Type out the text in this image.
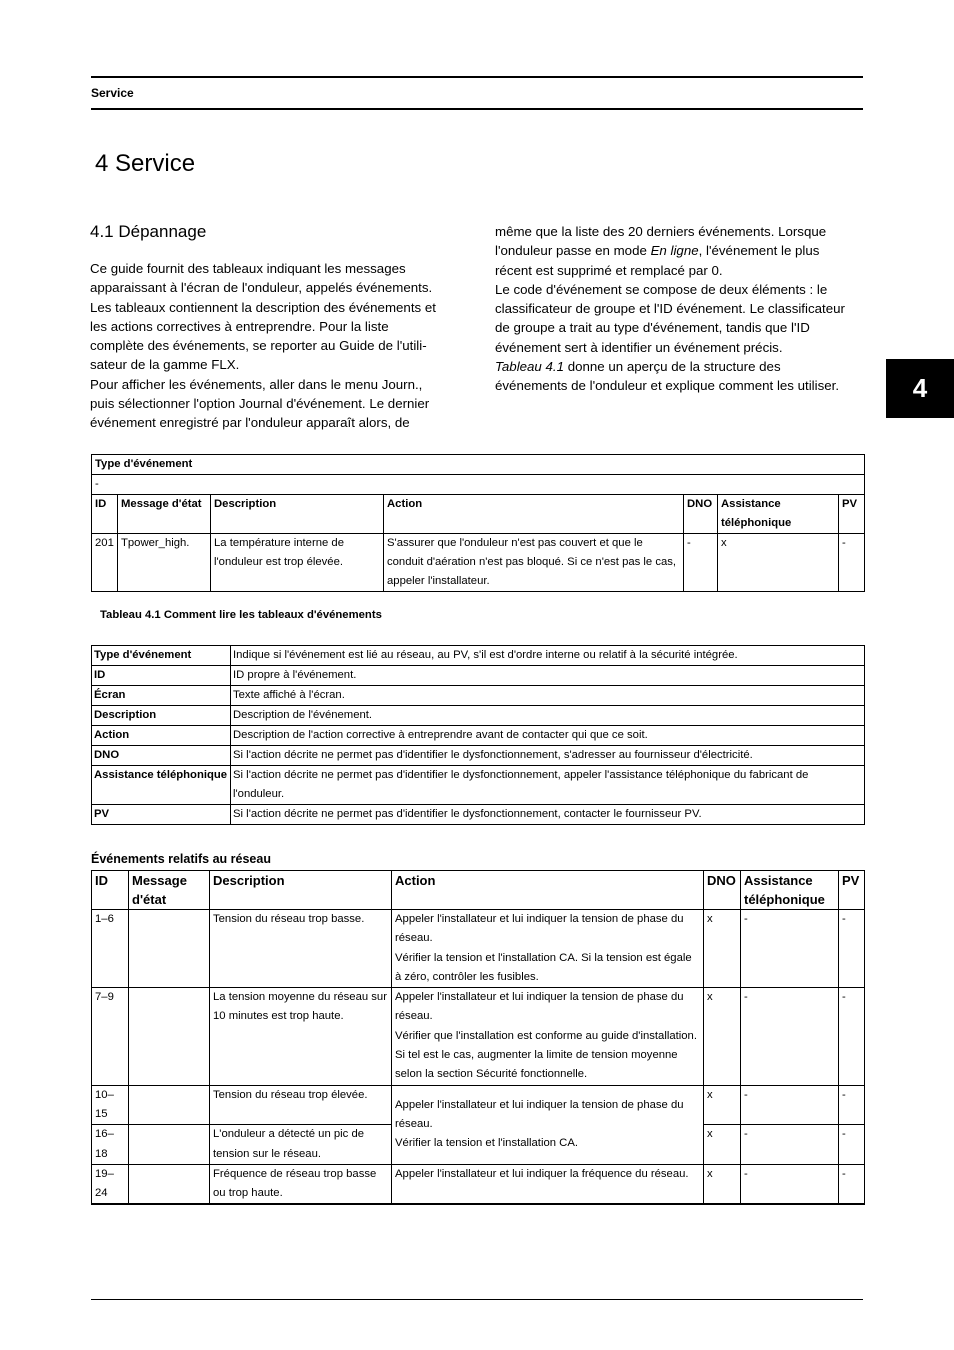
Service
4 Service
4
4.1 Dépannage

Ce guide fournit des tableaux indiquant les messages

apparaissant à l'écran de l'onduleur, appelés événements.

Les tableaux contiennent la description des événements et

les actions correctives à entreprendre. Pour la liste

complète des événements, se reporter au Guide de l'utili-

sateur de la gamme FLX.

Pour afficher les événements, aller dans le menu Journ.,

puis sélectionner l'option Journal d'événement. Le dernier

événement enregistré par l'onduleur apparaît alors, de

même que la liste des 20 derniers événements. Lorsque

l'onduleur passe en mode En ligne, l'événement le plus

récent est supprimé et remplacé par 0.

Le code d'événement se compose de deux éléments : le

classificateur de groupe et l'ID événement. Le classificateur

de groupe a trait au type d'événement, tandis que l'ID

événement sert à identifier un événement précis.

Tableau 4.1 donne un aperçu de la structure des

événements de l'onduleur et explique comment les utiliser.

Type d'événement						
-						
ID	Message d'état	Description	Action	DNO	Assistance téléphonique	PV
201	Tpower_high.	La température interne de l'onduleur est trop élevée.	S'assurer que l'onduleur n'est pas couvert et que le conduit d'aération n'est pas bloqué. Si ce n'est pas le cas, appeler l'installateur.	-	x	-
Tableau 4.1 Comment lire les tableaux d'événements
Type d'événement	Indique si l'événement est lié au réseau, au PV, s'il est d'ordre interne ou relatif à la sécurité intégrée.
ID	ID propre à l'événement.
Écran	Texte affiché à l'écran.
Description	Description de l'événement.
Action	Description de l'action corrective à entreprendre avant de contacter qui que ce soit.
DNO	Si l'action décrite ne permet pas d'identifier le dysfonctionnement, s'adresser au fournisseur d'électricité.
Assistance téléphonique	Si l'action décrite ne permet pas d'identifier le dysfonctionnement, appeler l'assistance téléphonique du fabricant de l'onduleur.
PV	Si l'action décrite ne permet pas d'identifier le dysfonctionnement, contacter le fournisseur PV.
Événements relatifs au réseau
ID	Message d'état	Description	Action	DNO	Assistance téléphonique	PV
1–6		Tension du réseau trop basse.	Appeler l'installateur et lui indiquer la tension de phase du réseau.
Vérifier la tension et l'installation CA. Si la tension est égale à zéro, contrôler les fusibles.	x	-	-
7–9		La tension moyenne du réseau sur 10 minutes est trop haute.	Appeler l'installateur et lui indiquer la tension de phase du réseau.
Vérifier que l'installation est conforme au guide d'installation. Si tel est le cas, augmenter la limite de tension moyenne selon la section Sécurité fonctionnelle.	x	-	-
10–15		Tension du réseau trop élevée.	Appeler l'installateur et lui indiquer la tension de phase du réseau.
Vérifier la tension et l'installation CA.	x	-	-
16–18		L'onduleur a détecté un pic de tension sur le réseau.		x	-	-
19–24		Fréquence de réseau trop basse ou trop haute.	Appeler l'installateur et lui indiquer la fréquence du réseau.	x	-	-
